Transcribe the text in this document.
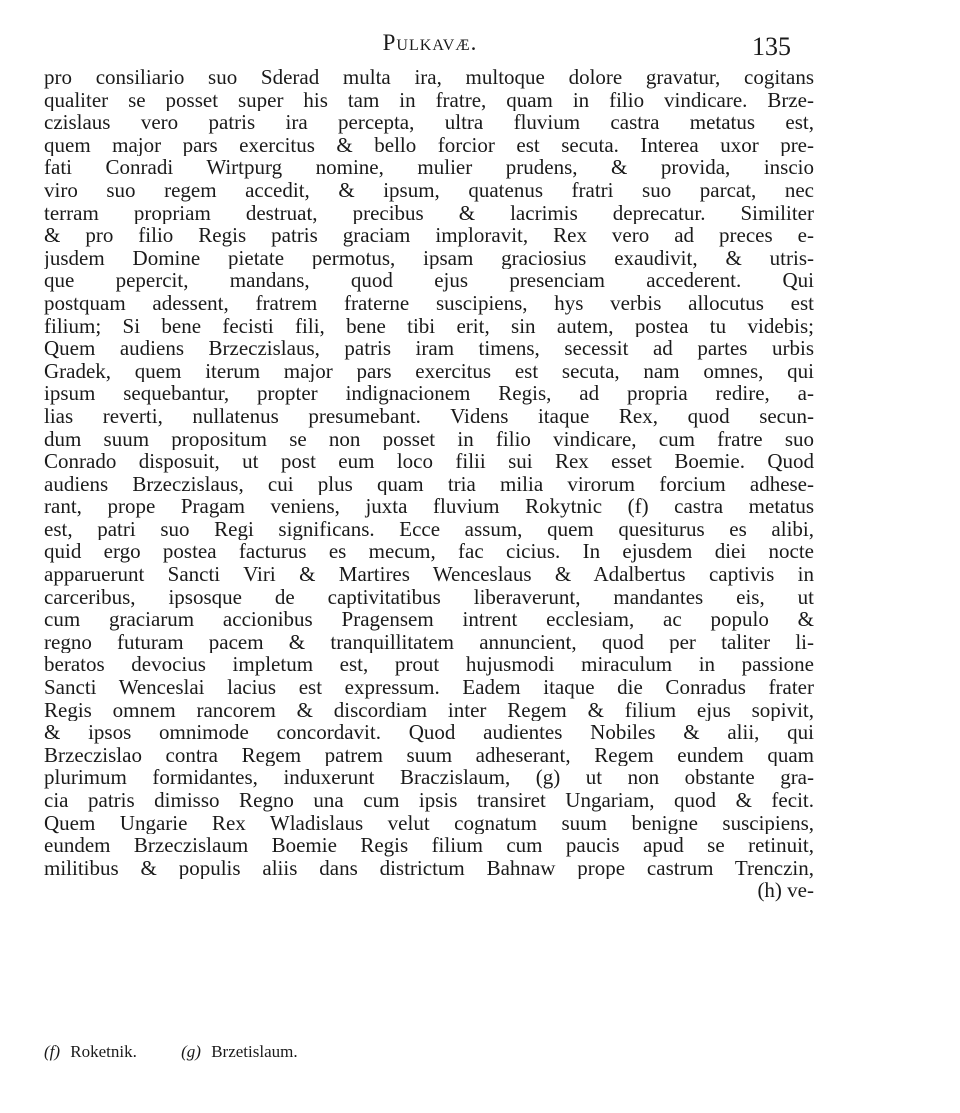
Pulkavæ.	135
pro consiliario suo Sderad multa ira, multoque dolore gravatur, cogitans
qualiter se posset super his tam in fratre, quam in filio vindicare. Brze-
czislaus vero patris ira percepta, ultra fluvium castra metatus est,
quem major pars exercitus & bello forcior est secuta. Interea uxor pre-
fati Conradi Wirtpurg nomine, mulier prudens, & provida, inscio
viro suo regem accedit, & ipsum, quatenus fratri suo parcat, nec
terram propriam destruat, precibus & lacrimis deprecatur. Similiter
& pro filio Regis patris graciam imploravit, Rex vero ad preces e-
jusdem Domine pietate permotus, ipsam graciosius exaudivit, & utris-
que pepercit, mandans, quod ejus presenciam accederent. Qui
postquam adessent, fratrem fraterne suscipiens, hys verbis allocutus est
filium; Si bene fecisti fili, bene tibi erit, sin autem, postea tu videbis;
Quem audiens Brzeczislaus, patris iram timens, secessit ad partes urbis
Gradek, quem iterum major pars exercitus est secuta, nam omnes, qui
ipsum sequebantur, propter indignacionem Regis, ad propria redire, a-
lias reverti, nullatenus presumebant. Videns itaque Rex, quod secun-
dum suum propositum se non posset in filio vindicare, cum fratre suo
Conrado disposuit, ut post eum loco filii sui Rex esset Boemie. Quod
audiens Brzeczislaus, cui plus quam tria milia virorum forcium adhese-
rant, prope Pragam veniens, juxta fluvium Rokytnic (f) castra metatus
est, patri suo Regi significans. Ecce assum, quem quesiturus es alibi,
quid ergo postea facturus es mecum, fac cicius. In ejusdem diei nocte
apparuerunt Sancti Viri & Martires Wenceslaus & Adalbertus captivis in
carceribus, ipsosque de captivitatibus liberaverunt, mandantes eis, ut
cum graciarum accionibus Pragensem intrent ecclesiam, ac populo &
regno futuram pacem & tranquillitatem annuncient, quod per taliter li-
beratos devocius impletum est, prout hujusmodi miraculum in passione
Sancti Wenceslai lacius est expressum. Eadem itaque die Conradus frater
Regis omnem rancorem & discordiam inter Regem & filium ejus sopivit,
& ipsos omnimode concordavit. Quod audientes Nobiles & alii, qui
Brzeczislao contra Regem patrem suum adheserant, Regem eundem quam
plurimum formidantes, induxerunt Braczislaum, (g) ut non obstante gra-
cia patris dimisso Regno una cum ipsis transiret Ungariam, quod & fecit.
Quem Ungarie Rex Wladislaus velut cognatum suum benigne suscipiens,
eundem Brzeczislaum Boemie Regis filium cum paucis apud se retinuit,
militibus & populis aliis dans districtum Bahnaw prope castrum Trenczin,
(h) ve-
(f) Roketnik.	(g) Brzetislaum.
